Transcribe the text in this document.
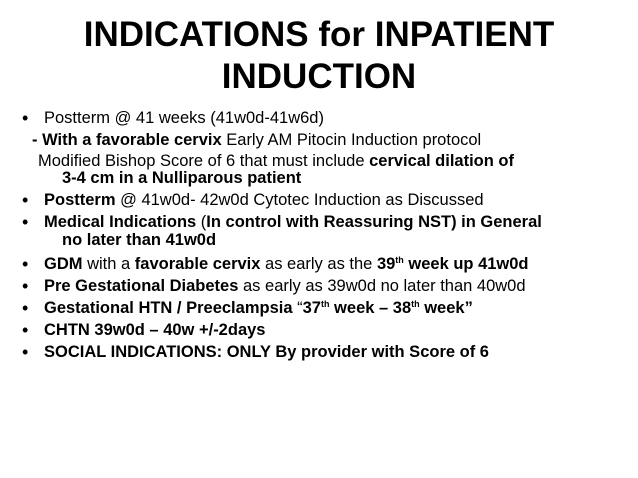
INDICATIONS for INPATIENT
INDUCTION
• Postterm @ 41 weeks (41w0d-41w6d)
- With a favorable cervix Early AM Pitocin Induction protocol
Modified Bishop Score of 6 that must include cervical dilation of
3-4 cm in a Nulliparous patient
• Postterm @ 41w0d- 42w0d Cytotec Induction as Discussed
• Medical Indications (In control with Reassuring NST) in General
no later than 41w0d
• GDM with a favorable cervix as early as the 39th week up 41w0d
• Pre Gestational Diabetes as early as 39w0d no later than 40w0d
• Gestational HTN / Preeclampsia “37th week – 38th week”
• CHTN 39w0d – 40w +/-2days
• SOCIAL INDICATIONS: ONLY By provider with Score of 6
